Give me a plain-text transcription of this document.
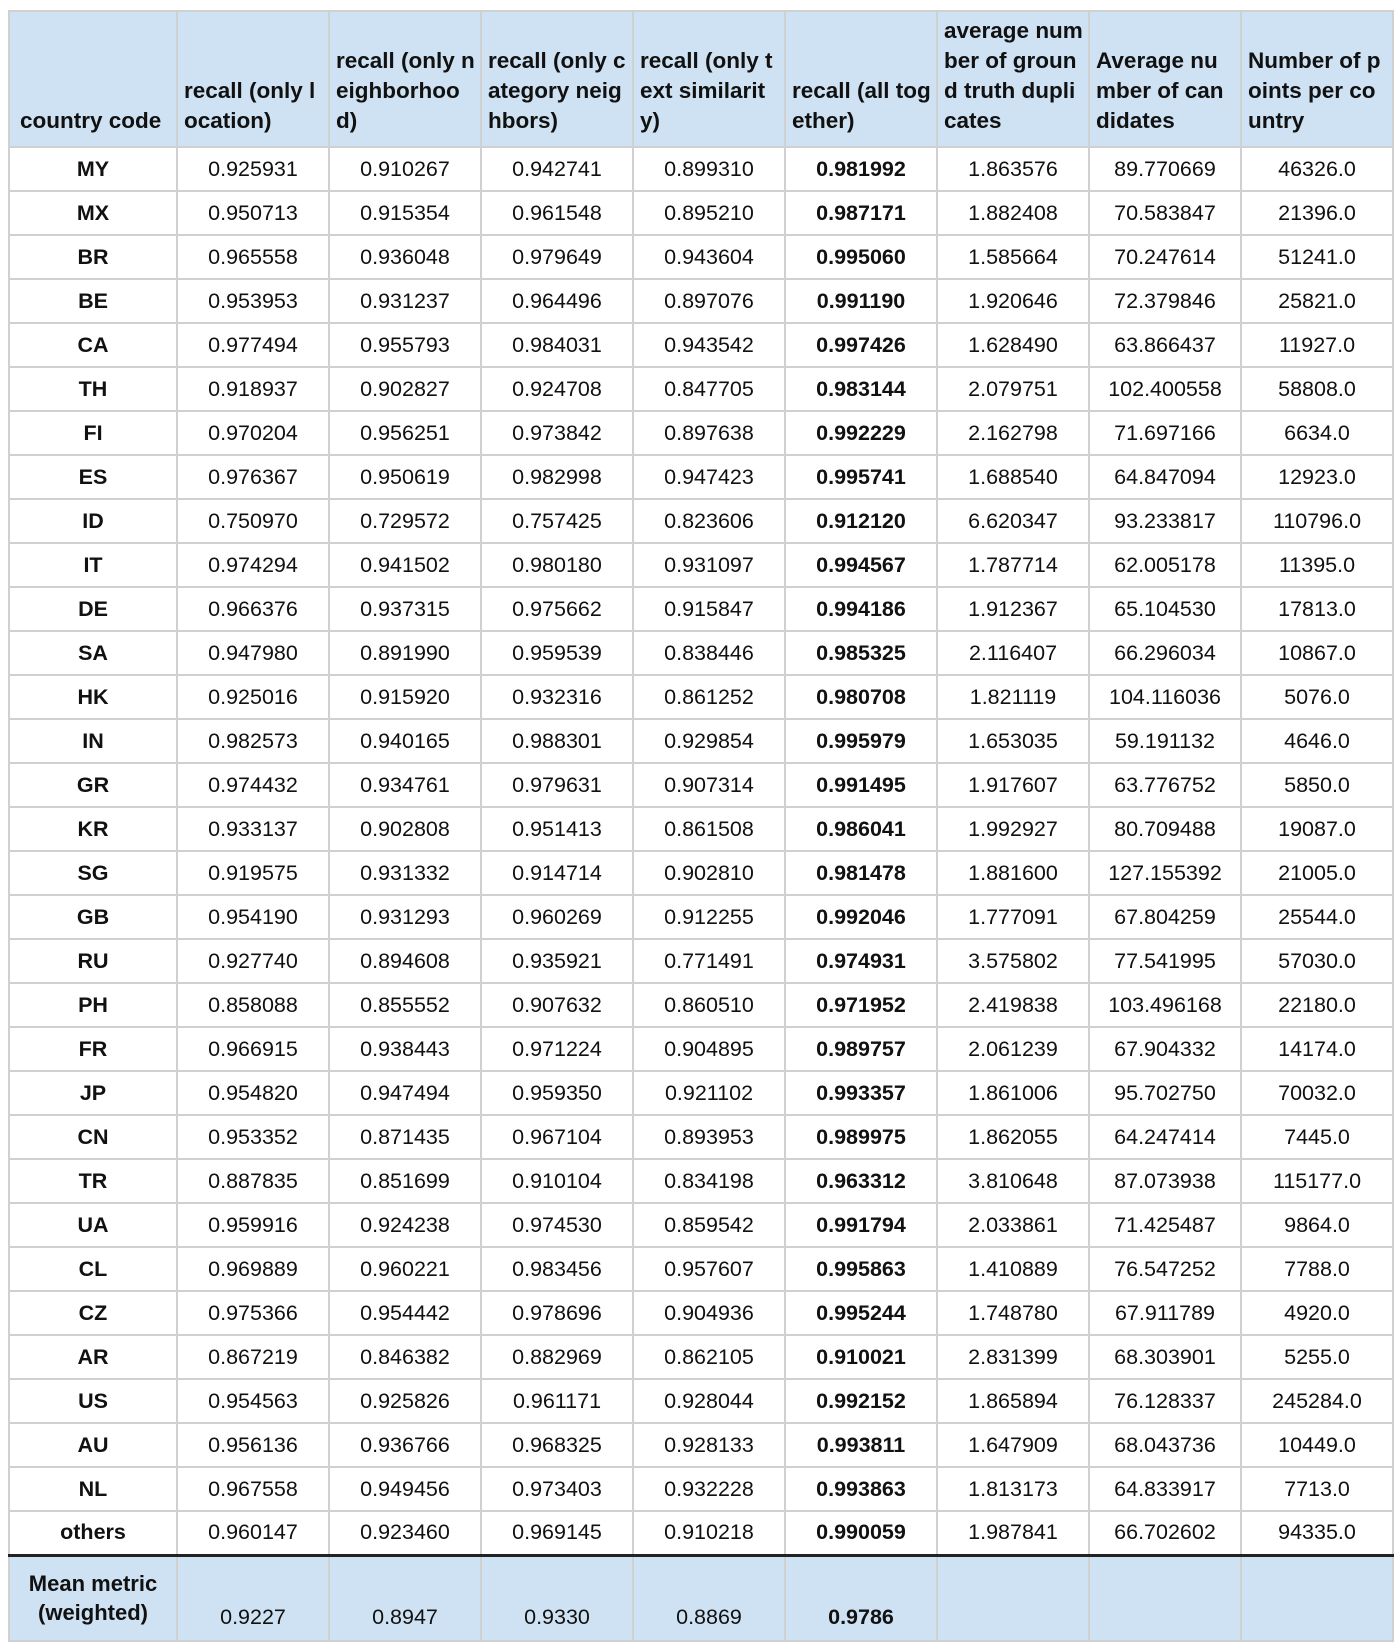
country code	recall (only location)	recall (only neighborhood)	recall (only category neighbors)	recall (only text similarity)	recall (all together)	average number of ground truth duplicates	Average number of candidates	Number of points per country
MY	0.925931	0.910267	0.942741	0.899310	0.981992	1.863576	89.770669	46326.0
MX	0.950713	0.915354	0.961548	0.895210	0.987171	1.882408	70.583847	21396.0
BR	0.965558	0.936048	0.979649	0.943604	0.995060	1.585664	70.247614	51241.0
BE	0.953953	0.931237	0.964496	0.897076	0.991190	1.920646	72.379846	25821.0
CA	0.977494	0.955793	0.984031	0.943542	0.997426	1.628490	63.866437	11927.0
TH	0.918937	0.902827	0.924708	0.847705	0.983144	2.079751	102.400558	58808.0
FI	0.970204	0.956251	0.973842	0.897638	0.992229	2.162798	71.697166	6634.0
ES	0.976367	0.950619	0.982998	0.947423	0.995741	1.688540	64.847094	12923.0
ID	0.750970	0.729572	0.757425	0.823606	0.912120	6.620347	93.233817	110796.0
IT	0.974294	0.941502	0.980180	0.931097	0.994567	1.787714	62.005178	11395.0
DE	0.966376	0.937315	0.975662	0.915847	0.994186	1.912367	65.104530	17813.0
SA	0.947980	0.891990	0.959539	0.838446	0.985325	2.116407	66.296034	10867.0
HK	0.925016	0.915920	0.932316	0.861252	0.980708	1.821119	104.116036	5076.0
IN	0.982573	0.940165	0.988301	0.929854	0.995979	1.653035	59.191132	4646.0
GR	0.974432	0.934761	0.979631	0.907314	0.991495	1.917607	63.776752	5850.0
KR	0.933137	0.902808	0.951413	0.861508	0.986041	1.992927	80.709488	19087.0
SG	0.919575	0.931332	0.914714	0.902810	0.981478	1.881600	127.155392	21005.0
GB	0.954190	0.931293	0.960269	0.912255	0.992046	1.777091	67.804259	25544.0
RU	0.927740	0.894608	0.935921	0.771491	0.974931	3.575802	77.541995	57030.0
PH	0.858088	0.855552	0.907632	0.860510	0.971952	2.419838	103.496168	22180.0
FR	0.966915	0.938443	0.971224	0.904895	0.989757	2.061239	67.904332	14174.0
JP	0.954820	0.947494	0.959350	0.921102	0.993357	1.861006	95.702750	70032.0
CN	0.953352	0.871435	0.967104	0.893953	0.989975	1.862055	64.247414	7445.0
TR	0.887835	0.851699	0.910104	0.834198	0.963312	3.810648	87.073938	115177.0
UA	0.959916	0.924238	0.974530	0.859542	0.991794	2.033861	71.425487	9864.0
CL	0.969889	0.960221	0.983456	0.957607	0.995863	1.410889	76.547252	7788.0
CZ	0.975366	0.954442	0.978696	0.904936	0.995244	1.748780	67.911789	4920.0
AR	0.867219	0.846382	0.882969	0.862105	0.910021	2.831399	68.303901	5255.0
US	0.954563	0.925826	0.961171	0.928044	0.992152	1.865894	76.128337	245284.0
AU	0.956136	0.936766	0.968325	0.928133	0.993811	1.647909	68.043736	10449.0
NL	0.967558	0.949456	0.973403	0.932228	0.993863	1.813173	64.833917	7713.0
others	0.960147	0.923460	0.969145	0.910218	0.990059	1.987841	66.702602	94335.0
Mean metric (weighted)	0.9227	0.8947	0.9330	0.8869	0.9786			
